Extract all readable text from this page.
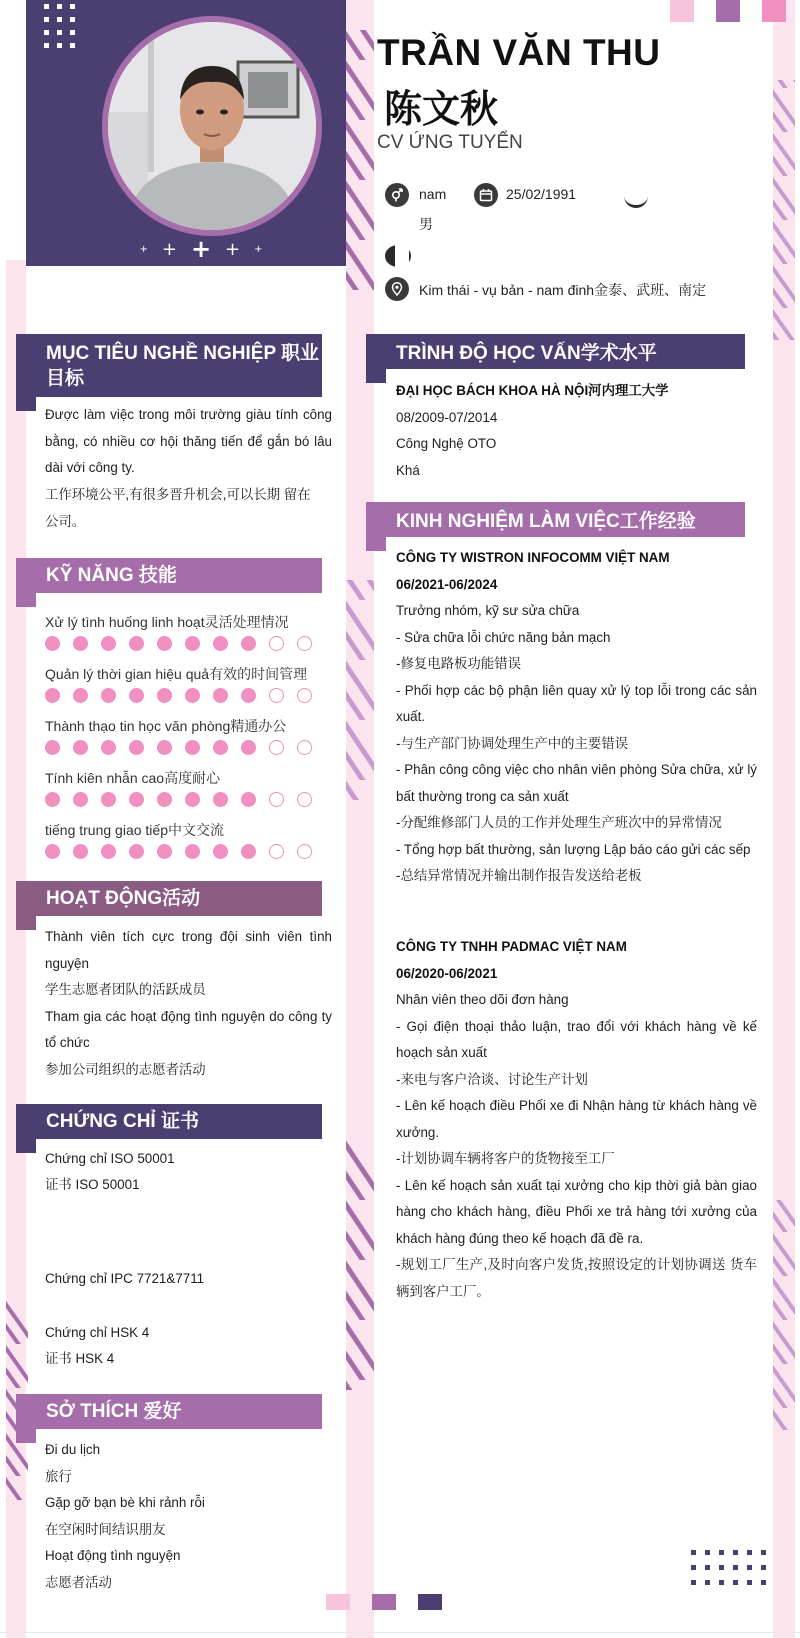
+ + + + +
MỤC TIÊU NGHỀ NGHIỆP 职业
目标
Được làm việc trong môi trường giàu tính công bằng, có nhiều cơ hội thăng tiến để gắn bó lâu dài với công ty.
工作环境公平,有很多晋升机会,可以长期 留在
公司。
KỸ NĂNG 技能
Xử lý tình huống linh hoạt灵活处理情况
Quản lý thời gian hiệu quả有效的时间管理
Thành thạo tin học văn phòng精通办公
Tính kiên nhẫn cao高度耐心
tiếng trung giao tiếp中文交流
HOẠT ĐỘNG活动
Thành viên tích cực trong đội sinh viên tình nguyện
学生志愿者团队的活跃成员
Tham gia các hoạt động tình nguyện do công ty tổ chức
参加公司组织的志愿者活动
CHỨNG CHỈ 证书
Chứng chỉ ISO 50001
证书 ISO 50001
Chứng chỉ IPC 7721&7711
Chứng chỉ HSK 4
证书 HSK 4
SỞ THÍCH 爱好
Đi du lịch
旅行
Gặp gỡ bạn bè khi rảnh rỗi
在空闲时间结识朋友
Hoạt động tình nguyện
志愿者活动
TRẦN VĂN THU
陈文秋
CV ỨNG TUYỂN
nam
男
25/02/1991
Kim thái - vụ bản - nam đinh金泰、武班、南定
TRÌNH ĐỘ HỌC VẤN学术水平
ĐẠI HỌC BÁCH KHOA HÀ NỘI河内理工大学
08/2009-07/2014
Công Nghệ OTO
Khá
KINH NGHIỆM LÀM VIỆC工作经验
CÔNG TY WISTRON INFOCOMM VIỆT NAM
06/2021-06/2024
Trưởng nhóm, kỹ sư sửa chữa
- Sửa chữa lỗi chức năng bản mạch
-修复电路板功能错误
- Phối hợp các bộ phận liên quay xử lý top lỗi trong các sản xuất.
-与生产部门协调处理生产中的主要错误
- Phân công công việc cho nhân viên phòng Sửa chữa, xử lý bất thường trong ca sản xuất
-分配维修部门人员的工作并处理生产班次中的异常情况
- Tổng hợp bất thường, sản lượng Lập báo cáo gửi các sếp
-总结异常情况并输出制作报告发送给老板
CÔNG TY TNHH PADMAC VIỆT NAM
06/2020-06/2021
Nhân viên theo dõi đơn hàng
- Gọi điện thoại thảo luận, trao đổi với khách hàng về kế hoạch sản xuất
-来电与客户洽谈、讨论生产计划
- Lên kế hoạch điều Phối xe đi Nhận hàng từ khách hàng về xưởng.
-计划协调车辆将客户的货物接至工厂
- Lên kế hoạch sản xuất tại xưởng cho kịp thời giả bàn giao hàng cho khách hàng, điều Phối xe trả hàng tới xưởng của khách hàng đúng theo kế hoạch đã đề ra.
-规划工厂生产,及时向客户发货,按照设定的计划协调送 货车辆到客户工厂。
